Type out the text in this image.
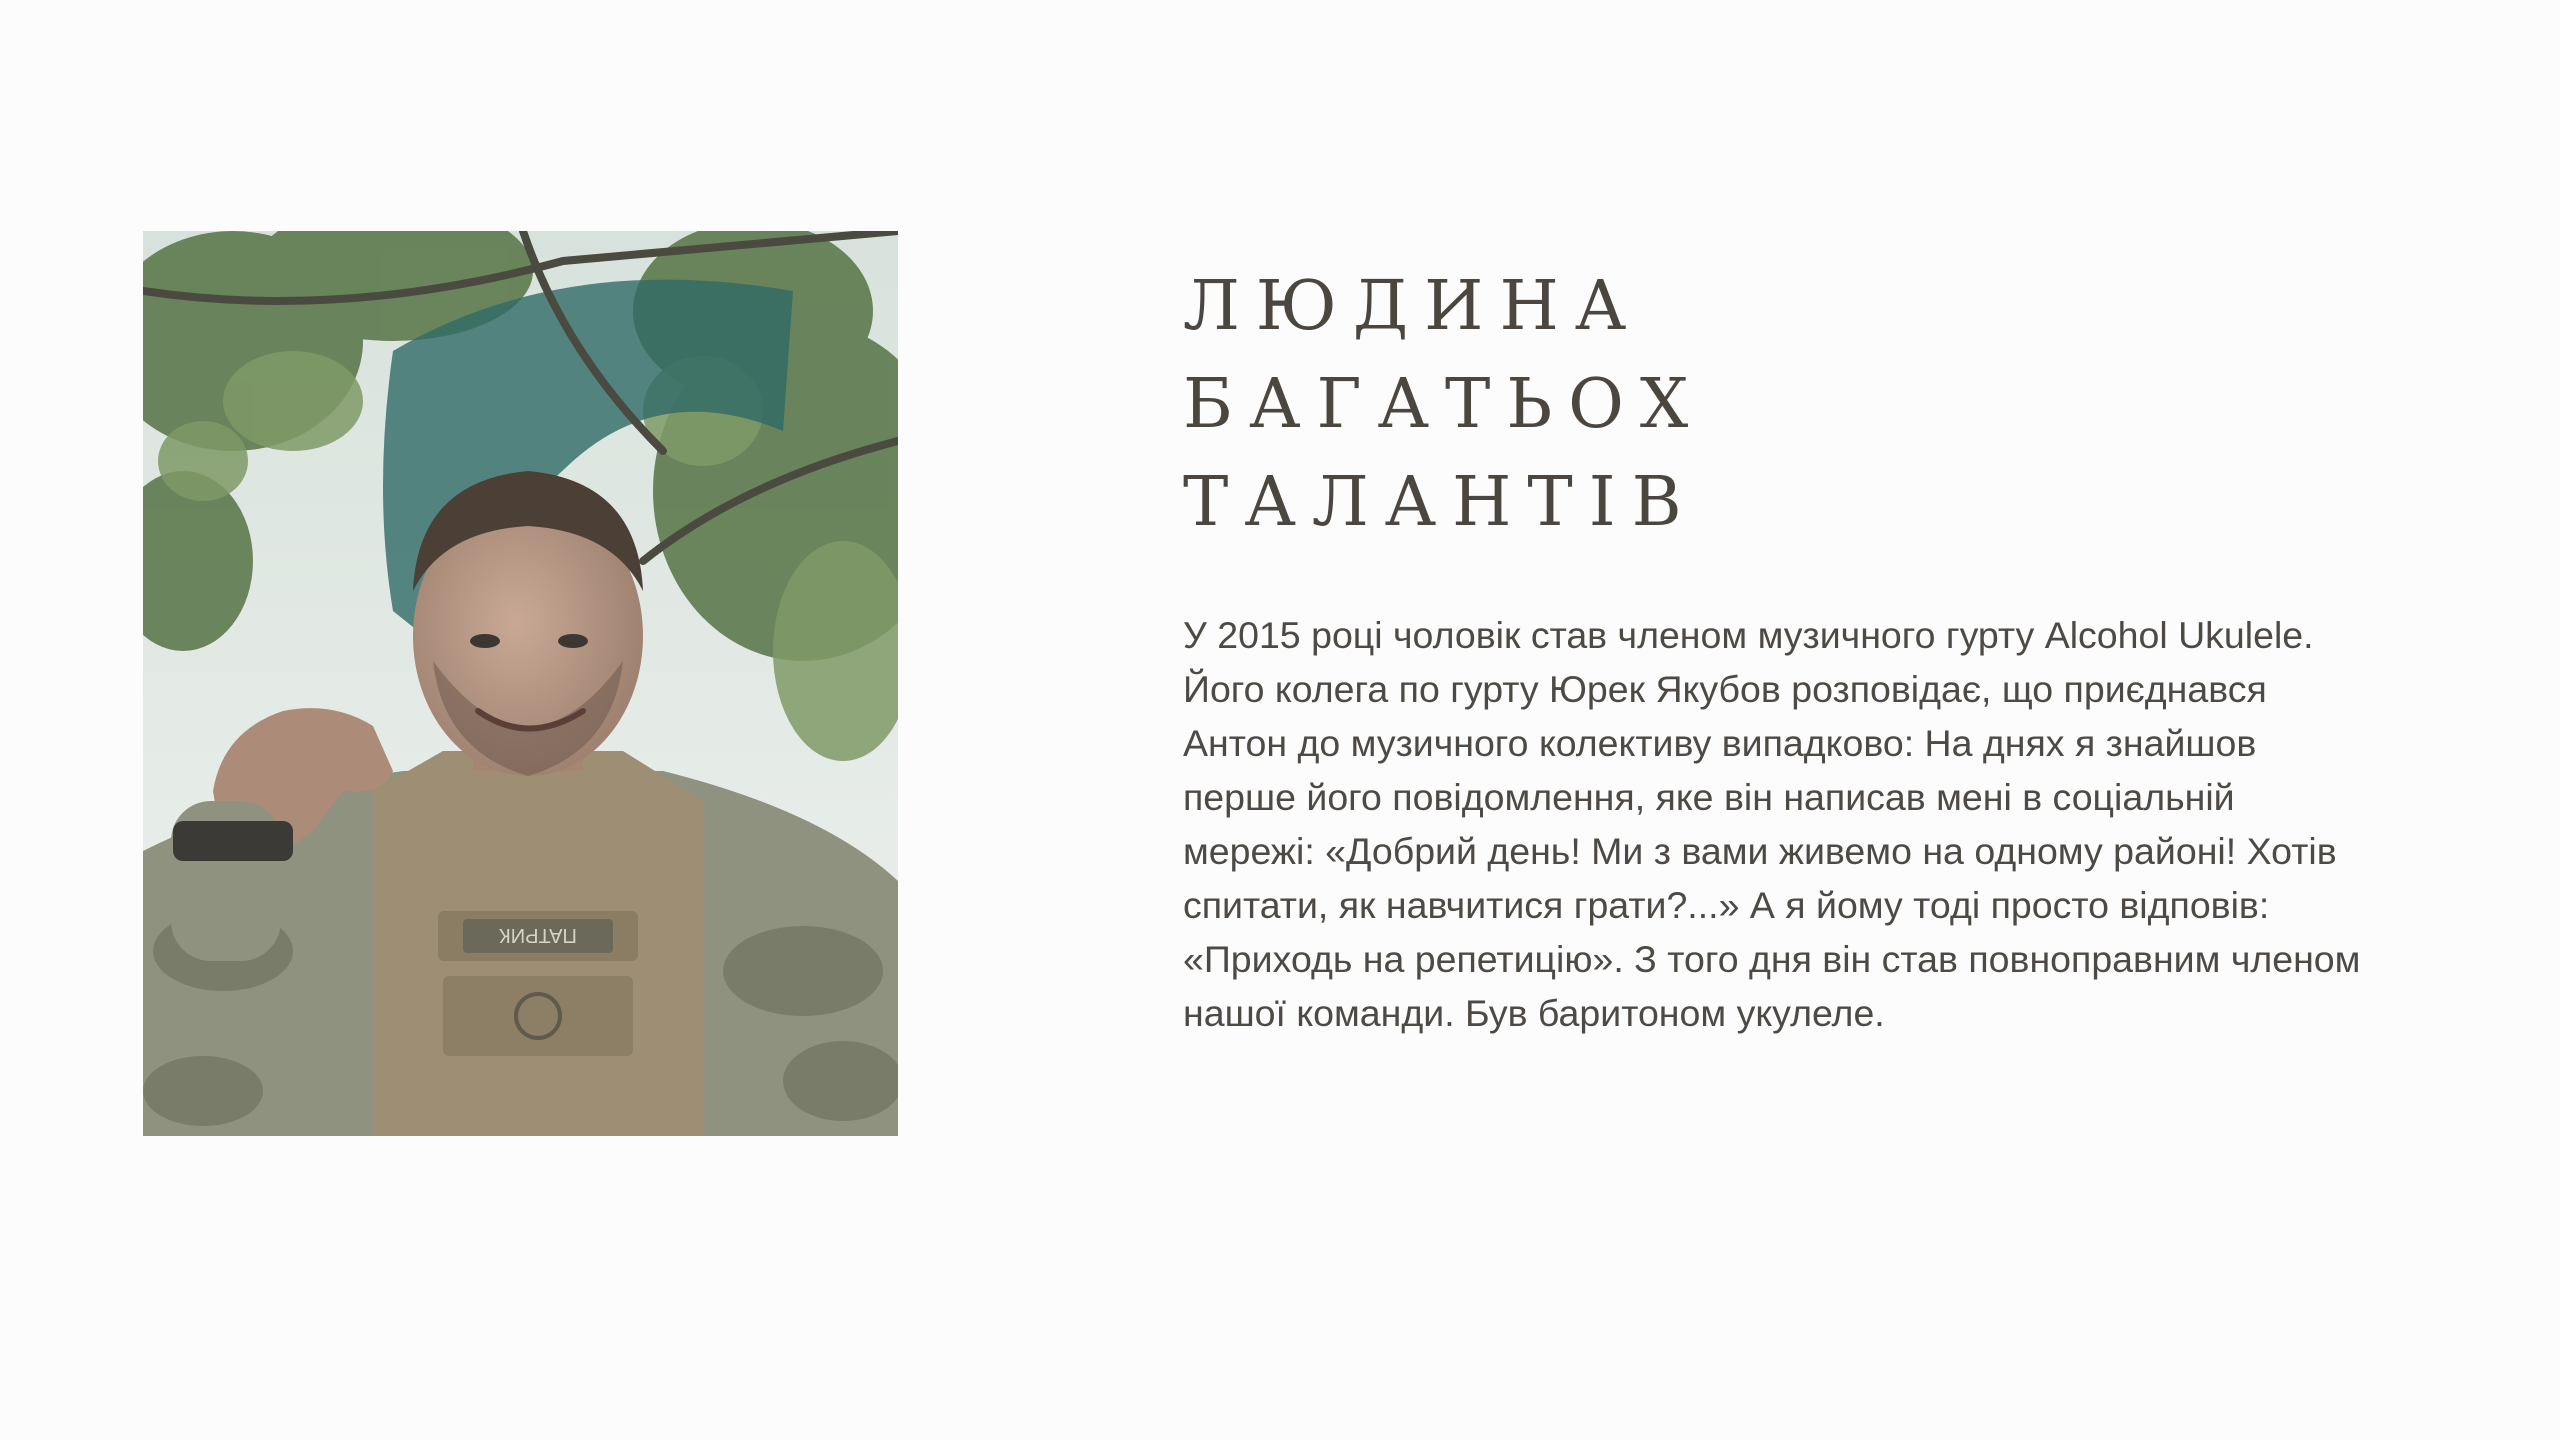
ПАТРИК
ЛЮДИНА
БАГАТЬОХ
ТАЛАНТІВ

У 2015 році чоловік став членом музичного гурту Alcohol Ukulele. Його колега по гурту Юрек Якубов розповідає, що приєднався Антон до музичного колективу випадково: На днях я знайшов перше його повідомлення, яке він написав мені в соціальній мережі: «Добрий день! Ми з вами живемо на одному районі! Хотів спитати, як навчитися грати?...» А я йому тоді просто відповів: «Приходь на репетицію». З того дня він став повноправним членом нашої команди. Був баритоном укулеле.
